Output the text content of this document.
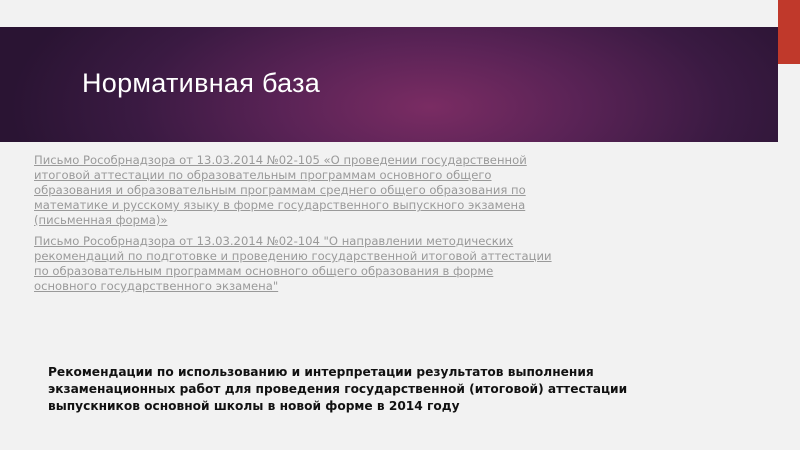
Нормативная база
Письмо Рособрнадзора от 13.03.2014 №02-105 «О проведении государственной итоговой аттестации по образовательным программам основного общего образования и образовательным программам среднего общего образования по математике и русскому языку в форме государственного выпускного экзамена (письменная форма)»
Письмо Рособрнадзора от 13.03.2014 №02-104 "О направлении методических рекомендаций по подготовке и проведению государственной итоговой аттестации по образовательным программам основного общего образования в форме основного государственного экзамена"

Рекомендации по использованию и интерпретации результатов выполнения экзаменационных работ для проведения государственной (итоговой) аттестации выпускников основной школы в новой форме в 2014 году
